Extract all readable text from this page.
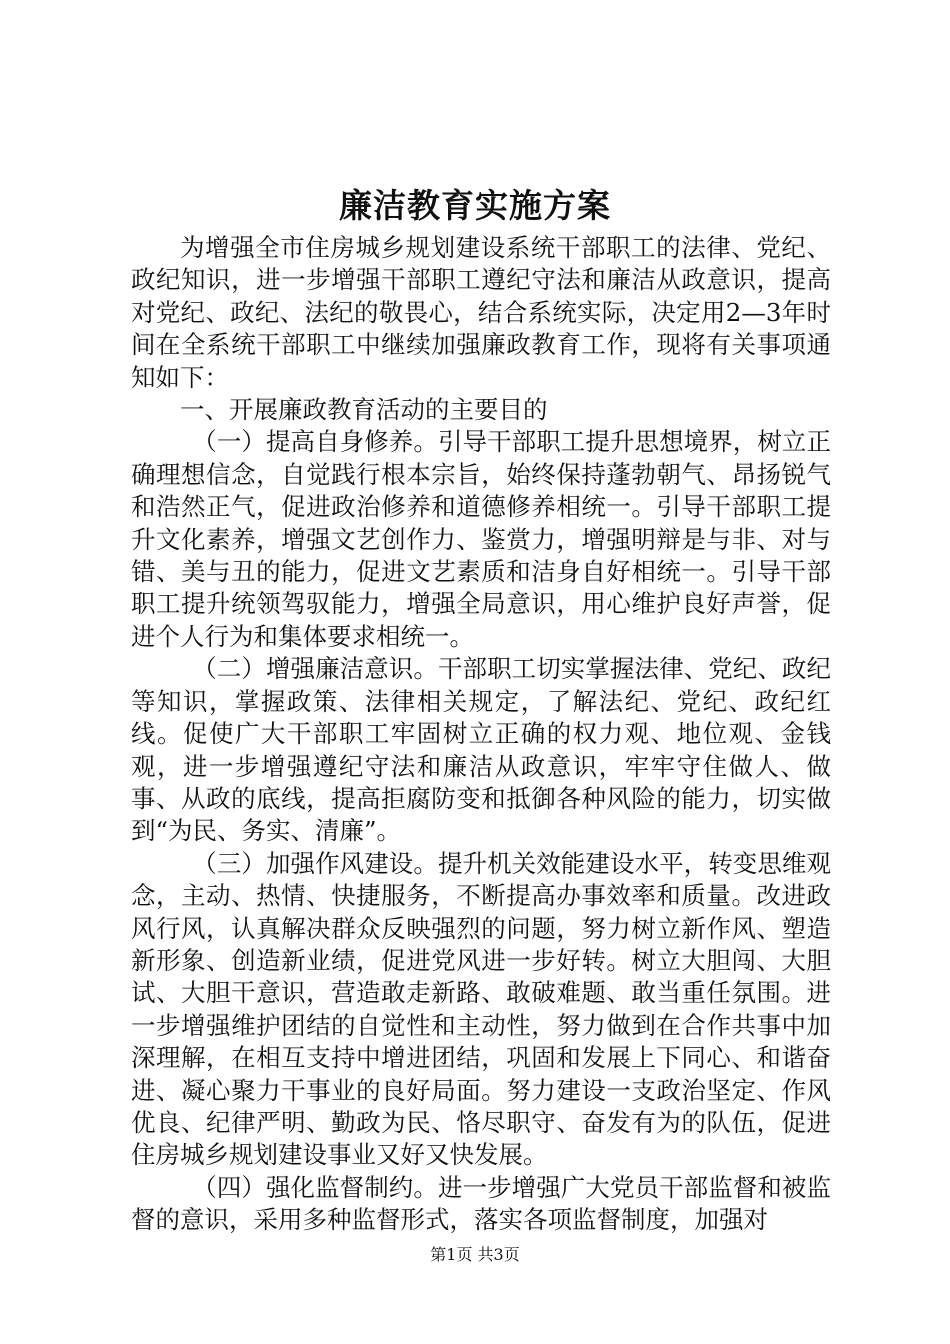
廉洁教育实施方案

为增强全市住房城乡规划建设系统干部职工的法律、党纪、政纪知识，进一步增强干部职工遵纪守法和廉洁从政意识，提高对党纪、政纪、法纪的敬畏心，结合系统实际，决定用2—3年时间在全系统干部职工中继续加强廉政教育工作，现将有关事项通知如下：

一、开展廉政教育活动的主要目的

（一）提高自身修养。引导干部职工提升思想境界，树立正确理想信念，自觉践行根本宗旨，始终保持蓬勃朝气、昂扬锐气和浩然正气，促进政治修养和道德修养相统一。引导干部职工提升文化素养，增强文艺创作力、鉴赏力，增强明辩是与非、对与错、美与丑的能力，促进文艺素质和洁身自好相统一。引导干部职工提升统领驾驭能力，增强全局意识，用心维护良好声誉，促进个人行为和集体要求相统一。

（二）增强廉洁意识。干部职工切实掌握法律、党纪、政纪等知识，掌握政策、法律相关规定，了解法纪、党纪、政纪红线。促使广大干部职工牢固树立正确的权力观、地位观、金钱观，进一步增强遵纪守法和廉洁从政意识，牢牢守住做人、做事、从政的底线，提高拒腐防变和抵御各种风险的能力，切实做到“为民、务实、清廉”。

（三）加强作风建设。提升机关效能建设水平，转变思维观念，主动、热情、快捷服务，不断提高办事效率和质量。改进政风行风，认真解决群众反映强烈的问题，努力树立新作风、塑造新形象、创造新业绩，促进党风进一步好转。树立大胆闯、大胆试、大胆干意识，营造敢走新路、敢破难题、敢当重任氛围。进一步增强维护团结的自觉性和主动性，努力做到在合作共事中加深理解，在相互支持中增进团结，巩固和发展上下同心、和谐奋进、凝心聚力干事业的良好局面。努力建设一支政治坚定、作风优良、纪律严明、勤政为民、恪尽职守、奋发有为的队伍，促进住房城乡规划建设事业又好又快发展。

（四）强化监督制约。进一步增强广大党员干部监督和被监督的意识，采用多种监督形式，落实各项监督制度，加强对

第1页 共3页
